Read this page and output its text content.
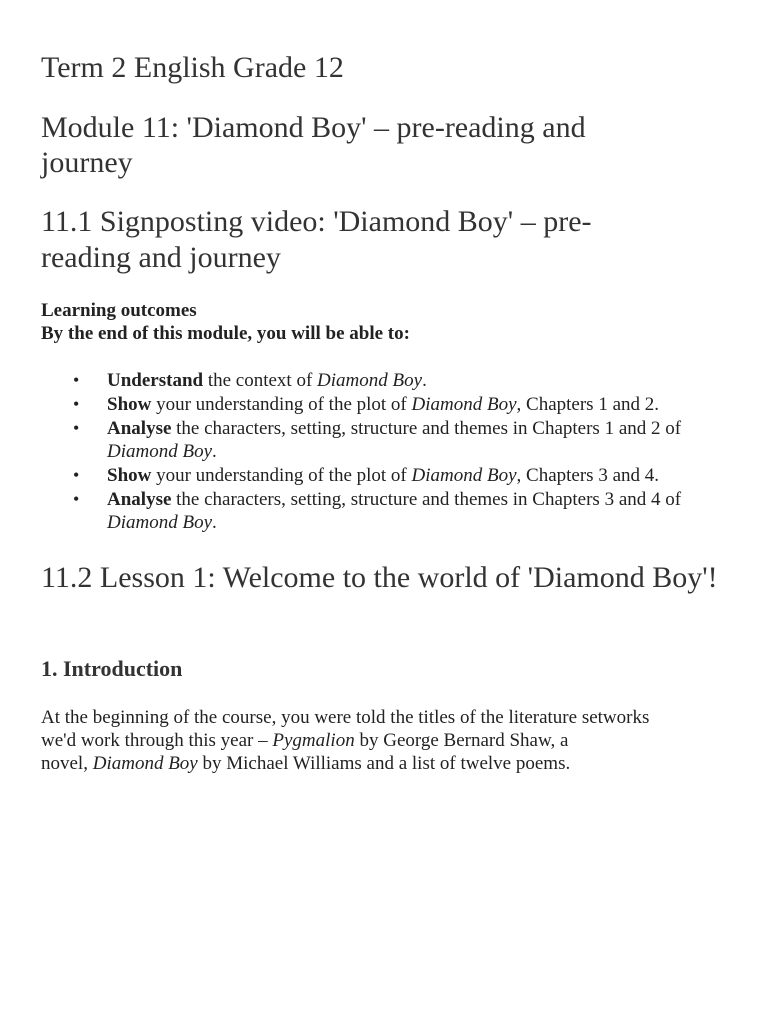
Term 2 English Grade 12
Module 11: 'Diamond Boy' – pre-reading and journey
11.1 Signposting video: 'Diamond Boy' – pre-reading and journey
Learning outcomes
By the end of this module, you will be able to:
• Understand the context of Diamond Boy.
• Show your understanding of the plot of Diamond Boy, Chapters 1 and 2.
• Analyse the characters, setting, structure and themes in Chapters 1 and 2 of Diamond Boy.
• Show your understanding of the plot of Diamond Boy, Chapters 3 and 4.
• Analyse the characters, setting, structure and themes in Chapters 3 and 4 of Diamond Boy.
11.2 Lesson 1: Welcome to the world of 'Diamond Boy'!
1. Introduction

At the beginning of the course, you were told the titles of the literature setworks
we'd work through this year – Pygmalion by George Bernard Shaw, a
novel, Diamond Boy by Michael Williams and a list of twelve poems.
